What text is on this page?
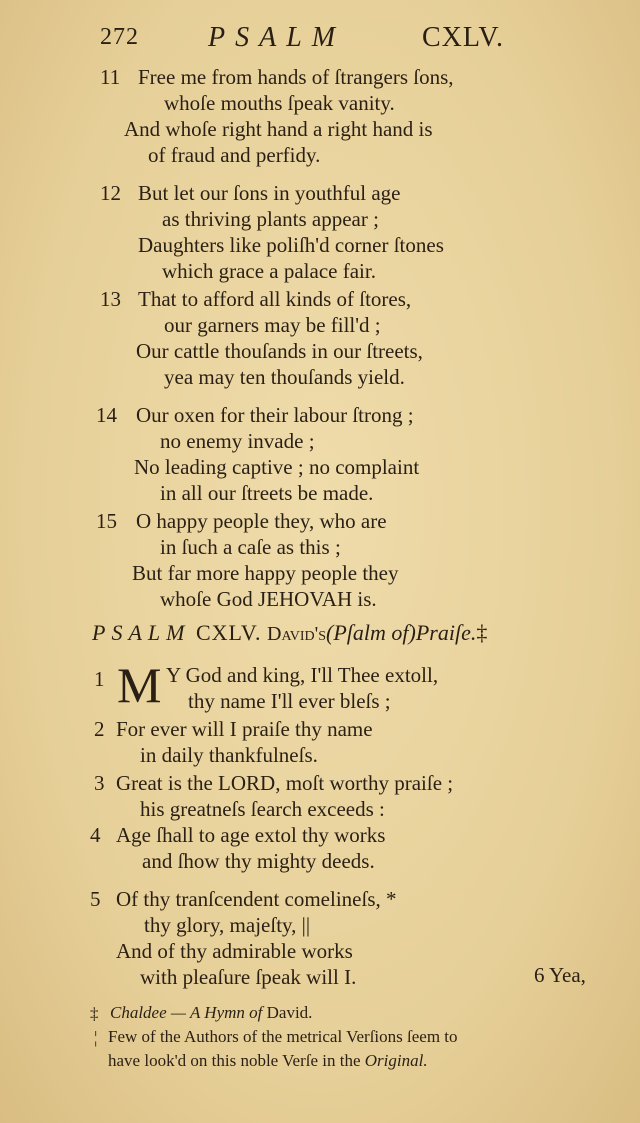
272 PSALM	CXLV.
11 Free me from hands of ſtrangers ſons,
whoſe mouths ſpeak vanity.
And whoſe right hand a right hand is
of fraud and perfidy.
12 But let our ſons in youthful age
as thriving plants appear ;
Daughters like poliſh'd corner ſtones
which grace a palace fair.
13 That to afford all kinds of ſtores,
our garners may be fill'd ;
Our cattle thouſands in our ſtreets,
yea may ten thouſands yield.
14 Our oxen for their labour ſtrong ;
no enemy invade ;
No leading captive ; no complaint
in all our ſtreets be made.
15 O happy people they, who are
in ſuch a caſe as this ;
But far more happy people they
whoſe God JEHOVAH is.
PSALM CXLV. David's(Pſalm of)Praiſe.‡
M
1	Y God and king, I'll Thee extoll,
thy name I'll ever bleſs ;
2 For ever will I praiſe thy name
in daily thankfulneſs.
3 Great is the LORD, moſt worthy praiſe ;
his greatneſs ſearch exceeds :
4 Age ſhall to age extol thy works
and ſhow thy mighty deeds.
5 Of thy tranſcendent comelineſs, *
thy glory, majeſty, ||
And of thy admirable works
with pleaſure ſpeak will I.	6 Yea,
‡ Chaldee — A Hymn of David.
¦ Few of the Authors of the metrical Verſions ſeem to
have look'd on this noble Verſe in the Original.
